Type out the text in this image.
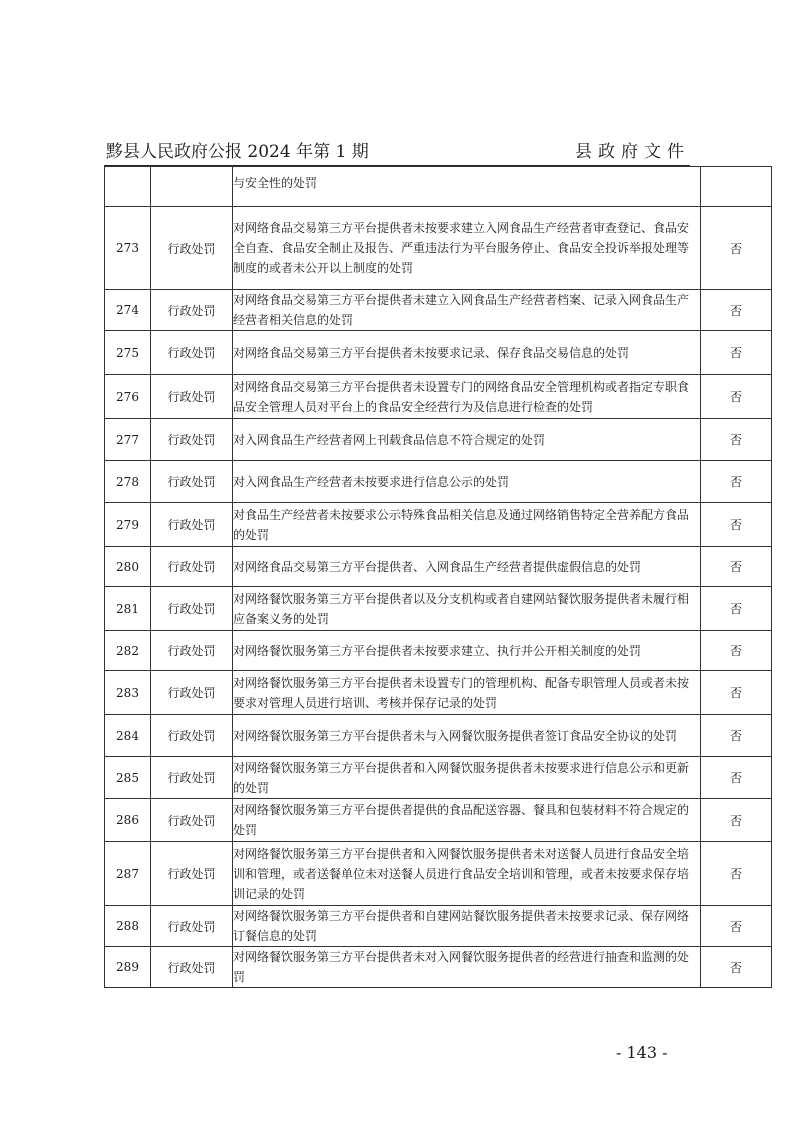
黟县人民政府公报 2024 年第 1 期	县政府文件
		与安全性的处罚	
273	行政处罚	对网络食品交易第三方平台提供者未按要求建立入网食品生产经营者审查登记、食品安全自查、食品安全制止及报告、严重违法行为平台服务停止、食品安全投诉举报处理等制度的或者未公开以上制度的处罚	否
274	行政处罚	对网络食品交易第三方平台提供者未建立入网食品生产经营者档案、记录入网食品生产经营者相关信息的处罚	否
275	行政处罚	对网络食品交易第三方平台提供者未按要求记录、保存食品交易信息的处罚	否
276	行政处罚	对网络食品交易第三方平台提供者未设置专门的网络食品安全管理机构或者指定专职食品安全管理人员对平台上的食品安全经营行为及信息进行检查的处罚	否
277	行政处罚	对入网食品生产经营者网上刊载食品信息不符合规定的处罚	否
278	行政处罚	对入网食品生产经营者未按要求进行信息公示的处罚	否
279	行政处罚	对食品生产经营者未按要求公示特殊食品相关信息及通过网络销售特定全营养配方食品的处罚	否
280	行政处罚	对网络食品交易第三方平台提供者、入网食品生产经营者提供虚假信息的处罚	否
281	行政处罚	对网络餐饮服务第三方平台提供者以及分支机构或者自建网站餐饮服务提供者未履行相应备案义务的处罚	否
282	行政处罚	对网络餐饮服务第三方平台提供者未按要求建立、执行并公开相关制度的处罚	否
283	行政处罚	对网络餐饮服务第三方平台提供者未设置专门的管理机构、配备专职管理人员或者未按要求对管理人员进行培训、考核并保存记录的处罚	否
284	行政处罚	对网络餐饮服务第三方平台提供者未与入网餐饮服务提供者签订食品安全协议的处罚	否
285	行政处罚	对网络餐饮服务第三方平台提供者和入网餐饮服务提供者未按要求进行信息公示和更新的处罚	否
286	行政处罚	对网络餐饮服务第三方平台提供者提供的食品配送容器、餐具和包装材料不符合规定的处罚	否
287	行政处罚	对网络餐饮服务第三方平台提供者和入网餐饮服务提供者未对送餐人员进行食品安全培训和管理，或者送餐单位未对送餐人员进行食品安全培训和管理，或者未按要求保存培训记录的处罚	否
288	行政处罚	对网络餐饮服务第三方平台提供者和自建网站餐饮服务提供者未按要求记录、保存网络订餐信息的处罚	否
289	行政处罚	对网络餐饮服务第三方平台提供者未对入网餐饮服务提供者的经营进行抽查和监测的处罚	否
- 143 -
